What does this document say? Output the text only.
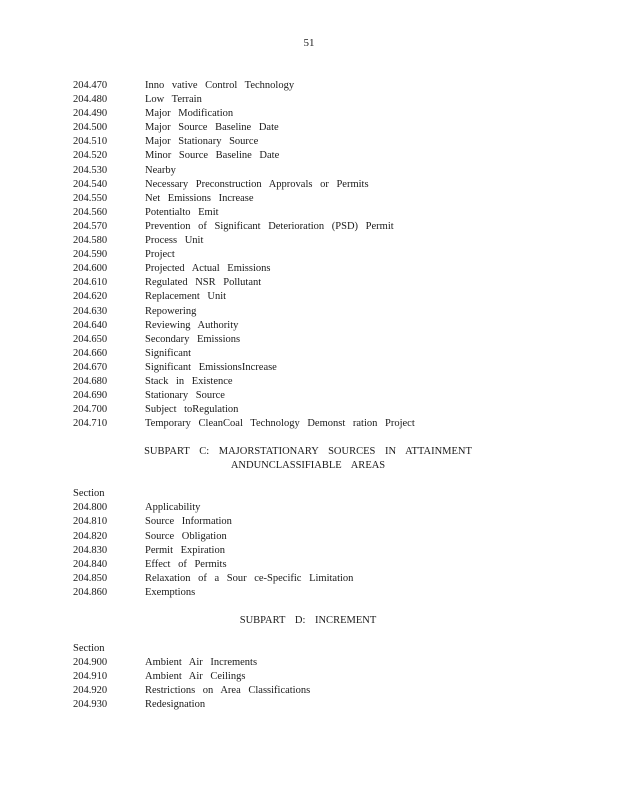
51
204.470	Inno vative Control Technology
204.480	Low Terrain
204.490	Major Modification
204.500	Major Source Baseline Date
204.510	Major Stationary Source
204.520	Minor Source Baseline Date
204.530	Nearby
204.540	Necessary Preconstruction Approvals or Permits
204.550	Net Emissions Increase
204.560	Potentialto Emit
204.570	Prevention of Significant Deterioration (PSD) Permit
204.580	Process Unit
204.590	Project
204.600	Projected Actual Emissions
204.610	Regulated NSR Pollutant
204.620	Replacement Unit
204.630	Repowering
204.640	Reviewing Authority
204.650	Secondary Emissions
204.660	Significant
204.670	Significant EmissionsIncrease
204.680	Stack in Existence
204.690	Stationary Source
204.700	Subject toRegulation
204.710	Temporary CleanCoal Technology Demonst ration Project
SUBPART C: MAJORSTATIONARY SOURCES IN ATTAINMENT
ANDUNCLASSIFIABLE AREAS
Section
204.800	Applicability
204.810	Source Information
204.820	Source Obligation
204.830	Permit Expiration
204.840	Effect of Permits
204.850	Relaxation of a Sour ce-Specific Limitation
204.860	Exemptions
SUBPART D: INCREMENT
Section
204.900	Ambient Air Increments
204.910	Ambient Air Ceilings
204.920	Restrictions on Area Classifications
204.930	Redesignation
